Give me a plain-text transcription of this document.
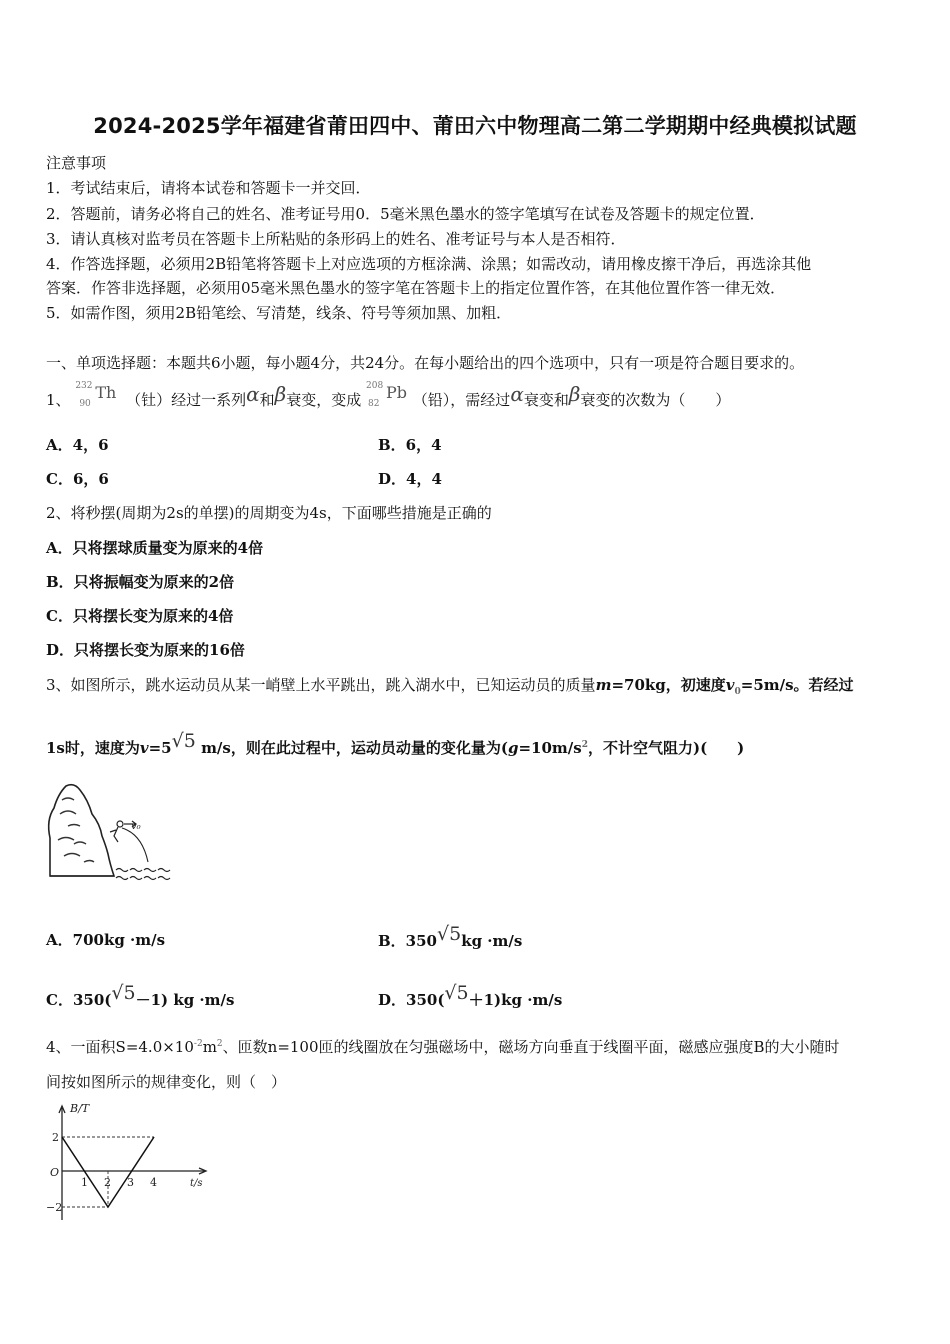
2024-2025学年福建省莆田四中、莆田六中物理高二第二学期期中经典模拟试题
注意事项
1．考试结束后，请将本试卷和答题卡一并交回．
2．答题前，请务必将自己的姓名、准考证号用0．5毫米黑色墨水的签字笔填写在试卷及答题卡的规定位置．
3．请认真核对监考员在答题卡上所粘贴的条形码上的姓名、准考证号与本人是否相符．
4．作答选择题，必须用2B铅笔将答题卡上对应选项的方框涂满、涂黑；如需改动，请用橡皮擦干净后，再选涂其他
答案．作答非选择题，必须用05毫米黑色墨水的签字笔在答题卡上的指定位置作答，在其他位置作答一律无效．
5．如需作图，须用2B铅笔绘、写清楚，线条、符号等须加黑、加粗．
一、单项选择题：本题共6小题，每小题4分，共24分。在每小题给出的四个选项中，只有一项是符合题目要求的。
1、
232
90
Th （钍）经过一系列α和β衰变，变成
208
82
Pb （铅），需经过α衰变和β衰变的次数为（　　）
A．4，6	B．6，4
C．6，6	D．4，4
2、将秒摆(周期为2s的单摆)的周期变为4s，下面哪些措施是正确的
A．只将摆球质量变为原来的4倍
B．只将振幅变为原来的2倍
C．只将摆长变为原来的4倍
D．只将摆长变为原来的16倍
3、如图所示，跳水运动员从某一峭壁上水平跳出，跳入湖水中，已知运动员的质量m=70kg，初速度$v_0=5m/s$。若经过
1s时，速度为v=5√5 m/s，则在此过程中，运动员动量的变化量为($g=10m/s^2$，不计空气阻力)(　　)
v₀
A．700kg ·m/s	B．350√5kg ·m/s
C．350(√5－1) kg ·m/s	D．350(√5＋1)kg ·m/s
4、一面积$S=4.0\times 10^{-2}m^2$、匝数n=100匝的线圈放在匀强磁场中，磁场方向垂直于线圈平面，磁感应强度B的大小随时
间按如图所示的规律变化，则（　）
B/T
t/s
O
2
−2
1 2 3 4
